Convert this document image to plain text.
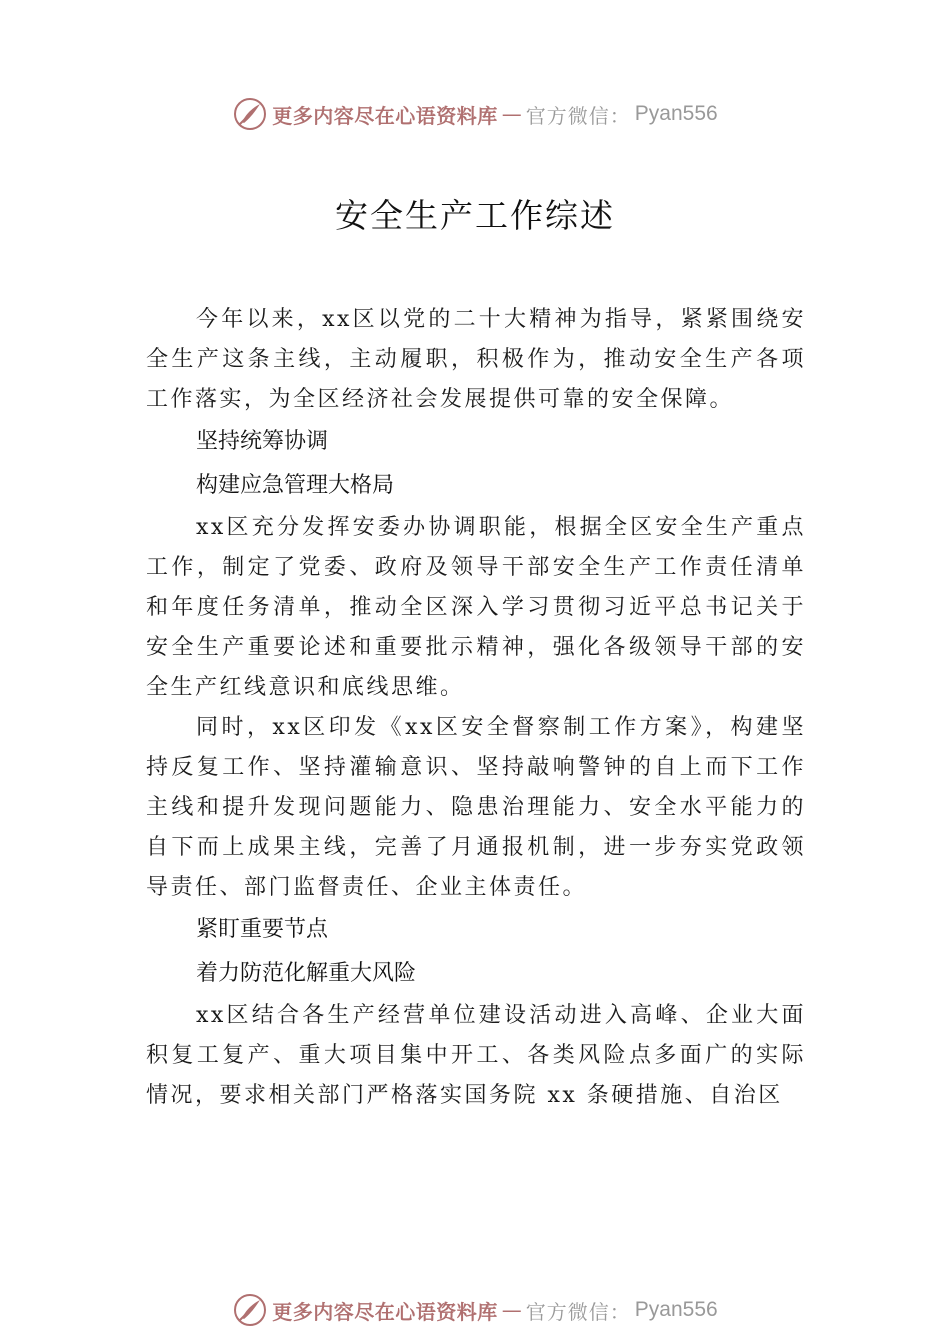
更多内容尽在心语资料库 — 官方微信： Pyan556
安全生产工作综述

今年以来，xx区以党的二十大精神为指导，紧紧围绕安全生产这条主线，主动履职，积极作为，推动安全生产各项工作落实，为全区经济社会发展提供可靠的安全保障。

坚持统筹协调

构建应急管理大格局

xx区充分发挥安委办协调职能，根据全区安全生产重点工作，制定了党委、政府及领导干部安全生产工作责任清单和年度任务清单，推动全区深入学习贯彻习近平总书记关于安全生产重要论述和重要批示精神，强化各级领导干部的安全生产红线意识和底线思维。

同时，xx区印发《xx区安全督察制工作方案》，构建坚持反复工作、坚持灌输意识、坚持敲响警钟的自上而下工作主线和提升发现问题能力、隐患治理能力、安全水平能力的自下而上成果主线，完善了月通报机制，进一步夯实党政领导责任、部门监督责任、企业主体责任。

紧盯重要节点

着力防范化解重大风险

xx区结合各生产经营单位建设活动进入高峰、企业大面积复工复产、重大项目集中开工、各类风险点多面广的实际情况，要求相关部门严格落实国务院 xx 条硬措施、自治区

更多内容尽在心语资料库 — 官方微信： Pyan556
